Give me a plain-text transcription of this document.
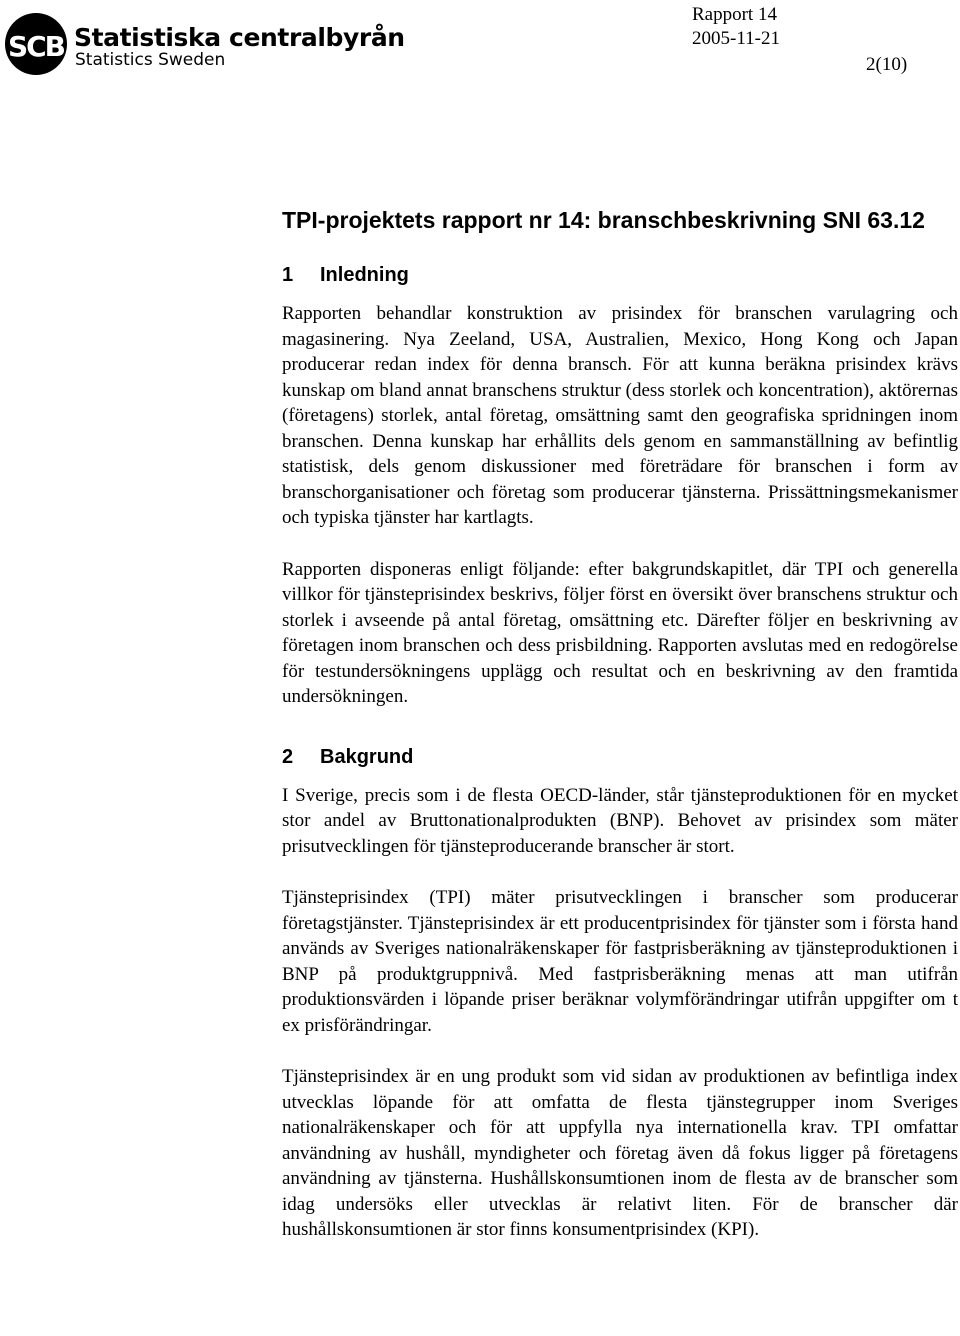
SCB Statistiska centralbyrån
Statistics Sweden
Rapport 14
2005-11-21
2(10)
TPI-projektets rapport nr 14: branschbeskrivning SNI 63.12
1 Inledning

Rapporten behandlar konstruktion av prisindex för branschen varulagring och magasinering. Nya Zeeland, USA, Australien, Mexico, Hong Kong och Japan producerar redan index för denna bransch. För att kunna beräkna prisindex krävs kunskap om bland annat branschens struktur (dess storlek och koncentration), aktörernas (företagens) storlek, antal företag, omsättning samt den geografiska spridningen inom branschen. Denna kunskap har erhållits dels genom en sammanställning av befintlig statistisk, dels genom diskussioner med företrädare för branschen i form av branschorganisationer och företag som producerar tjänsterna. Prissättningsmekanismer och typiska tjänster har kartlagts.

Rapporten disponeras enligt följande: efter bakgrundskapitlet, där TPI och generella villkor för tjänsteprisindex beskrivs, följer först en översikt över branschens struktur och storlek i avseende på antal företag, omsättning etc. Därefter följer en beskrivning av företagen inom branschen och dess prisbildning. Rapporten avslutas med en redogörelse för testundersökningens upplägg och resultat och en beskrivning av den framtida undersökningen.

2 Bakgrund

I Sverige, precis som i de flesta OECD-länder, står tjänsteproduktionen för en mycket stor andel av Bruttonationalprodukten (BNP). Behovet av prisindex som mäter prisutvecklingen för tjänsteproducerande branscher är stort.

Tjänsteprisindex (TPI) mäter prisutvecklingen i branscher som producerar företagstjänster. Tjänsteprisindex är ett producentprisindex för tjänster som i första hand används av Sveriges nationalräkenskaper för fastprisberäkning av tjänsteproduktionen i BNP på produktgruppnivå. Med fastprisberäkning menas att man utifrån produktionsvärden i löpande priser beräknar volymförändringar utifrån uppgifter om t ex prisförändringar.

Tjänsteprisindex är en ung produkt som vid sidan av produktionen av befintliga index utvecklas löpande för att omfatta de flesta tjänstegrupper inom Sveriges nationalräkenskaper och för att uppfylla nya internationella krav. TPI omfattar användning av hushåll, myndigheter och företag även då fokus ligger på företagens användning av tjänsterna. Hushållskonsumtionen inom de flesta av de branscher som idag undersöks eller utvecklas är relativt liten. För de branscher där hushållskonsumtionen är stor finns konsumentprisindex (KPI).
